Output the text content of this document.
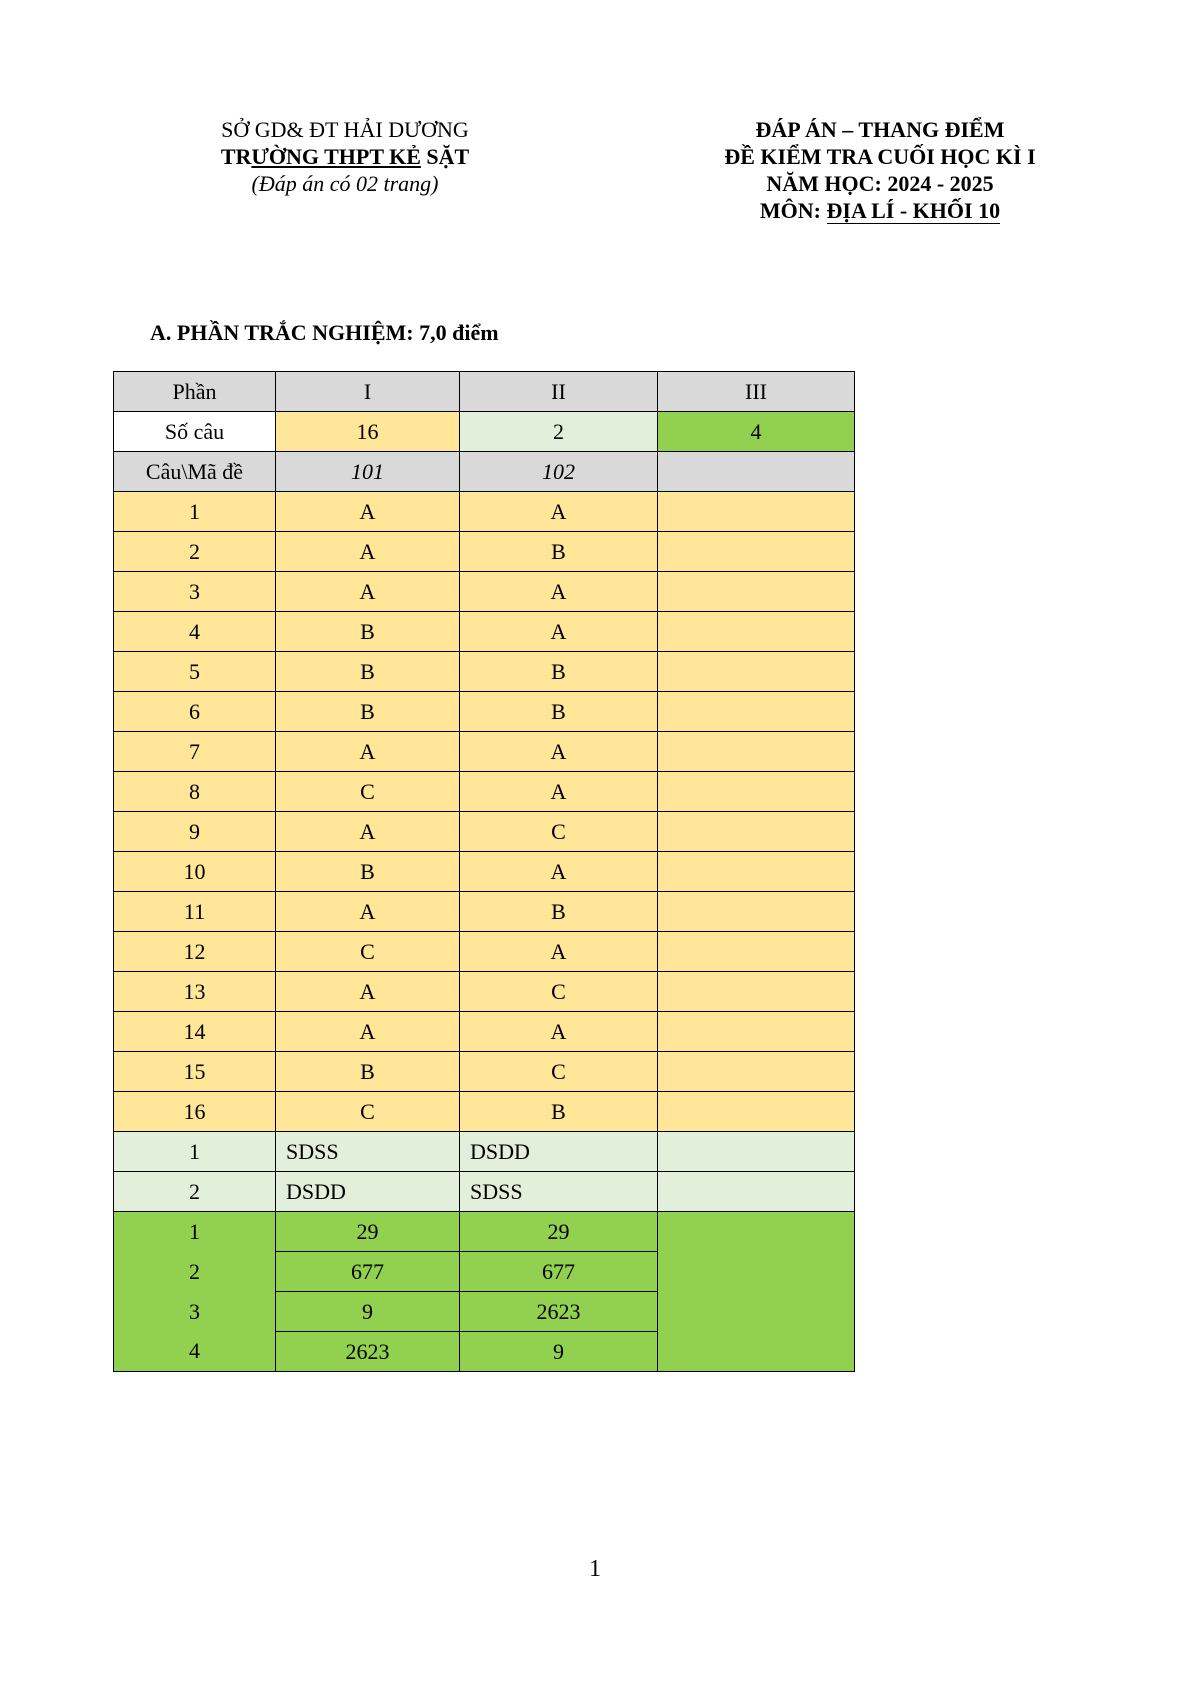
SỞ GD& ĐT HẢI DƯƠNG
TRƯỜNG THPT KẺ SẶT
(Đáp án có 02 trang)
ĐÁP ÁN – THANG ĐIỂM
ĐỀ KIỂM TRA CUỐI HỌC KÌ I
NĂM HỌC: 2024 - 2025
MÔN: ĐỊA LÍ - KHỐI 10
A. PHẦN TRẮC NGHIỆM: 7,0 điểm
Phần	I	II	III
Số câu	16	2	4
Câu\Mã đề	101	102	
1	A	A	
2	A	B	
3	A	A	
4	B	A	
5	B	B	
6	B	B	
7	A	A	
8	C	A	
9	A	C	
10	B	A	
11	A	B	
12	C	A	
13	A	C	
14	A	A	
15	B	C	
16	C	B	
1	SDSS	DSDD	
2	DSDD	SDSS	
1	29	29	
2	677	677	
3	9	2623	
4	2623	9	
1
